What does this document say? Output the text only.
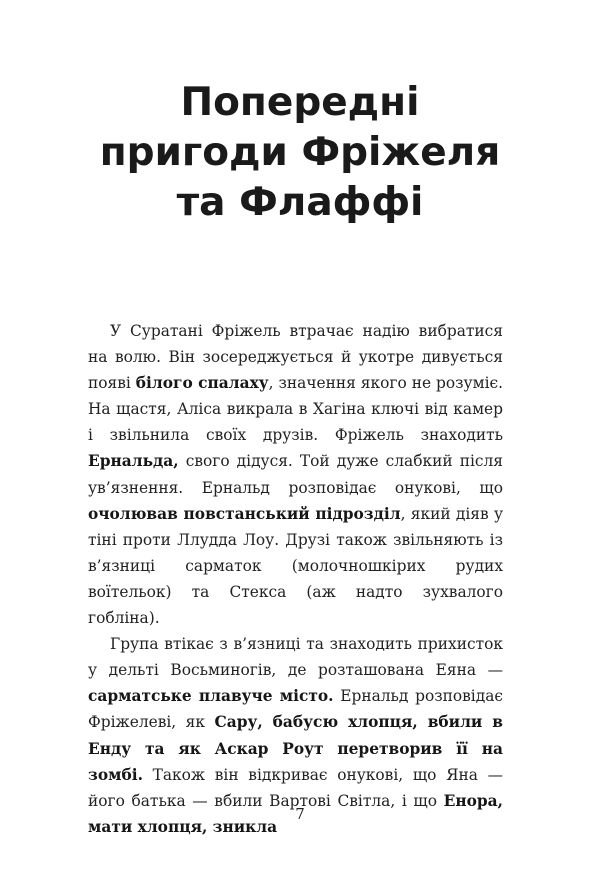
Попередні
пригоди Фріжеля
та Флаффі

У Суратані Фріжель втрачає надію вибратися на волю. Він зосереджується й укотре дивується появі білого спалаху, значення якого не розуміє. На щастя, Аліса викрала в Хагіна ключі від камер і звільнила своїх друзів. Фріжель знаходить Ернальда, свого дідуся. Той дуже слабкий після ув’язнення. Ернальд розповідає онукові, що очолював повстанський підрозділ, який діяв у тіні проти Ллудда Лоу. Друзі також звільняють із в’язниці сарматок (молочношкірих рудих воїтельок) та Стекса (аж надто зухвалого гобліна).

Група втікає з в’язниці та знаходить прихисток у дельті Восьминогів, де розташована Еяна — сарматське плавуче місто. Ернальд розповідає Фріжелеві, як Сару, бабусю хлопця, вбили в Енду та як Аскар Роут перетворив її на зомбі. Також він відкриває онукові, що Яна — його батька — вбили Вартові Світла, і що Енора, мати хлопця, зникла

7
